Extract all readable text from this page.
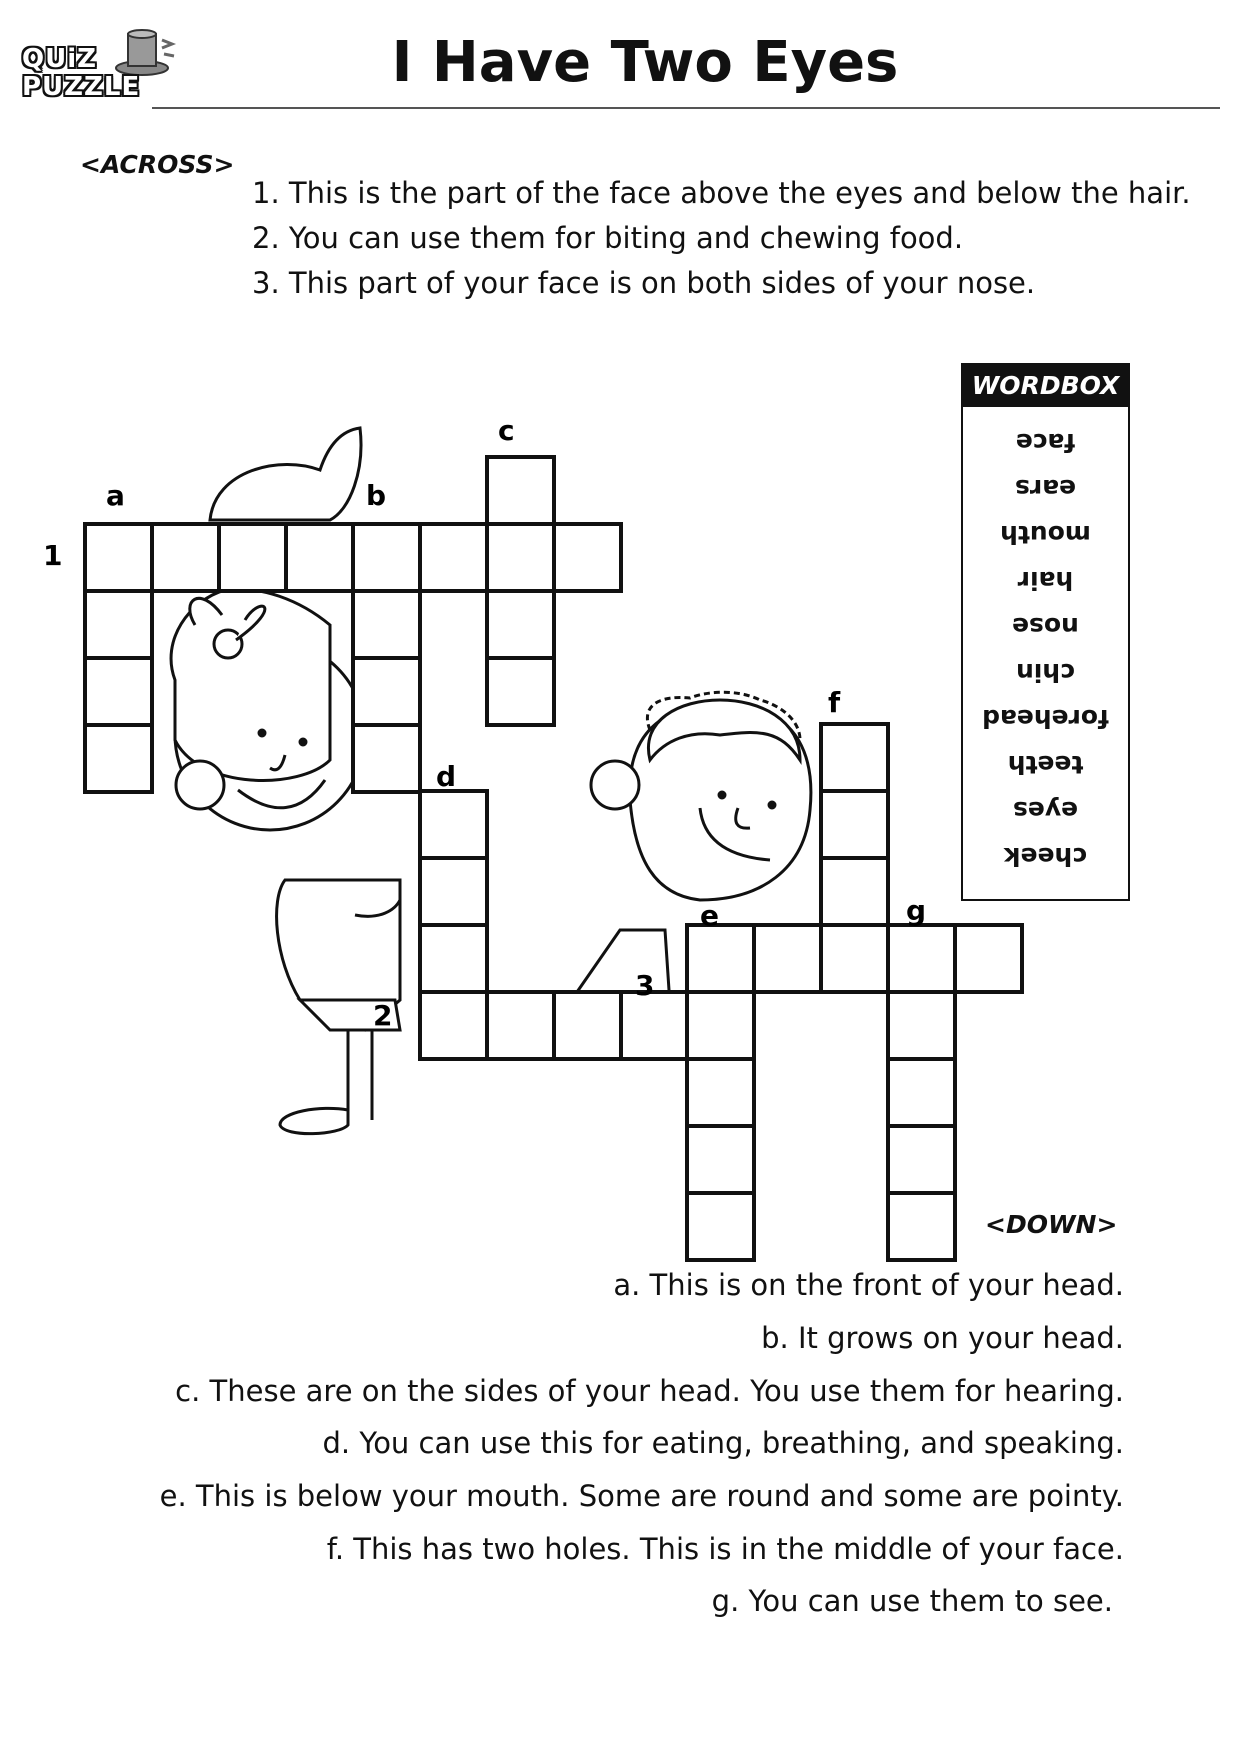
QUiZ
PUZZLE	I Have Two Eyes
<ACROSS>
1. This is the part of the face above the eyes and below the hair.
2. You can use them for biting and chewing food.
3. This part of your face is on both sides of your nose.
1
2
3
a	b
c
d
e
f
g
WORDBOX
face
ears
mouth
hair
nose
chin
forehead
teeth
eyes
cheek
<DOWN>
a. This is on the front of your head.
b. It grows on your head.
c. These are on the sides of your head. You use them for hearing.
d. You can use this for eating, breathing, and speaking.
e. This is below your mouth. Some are round and some are pointy.
f. This has two holes. This is in the middle of your face.
g. You can use them to see.
